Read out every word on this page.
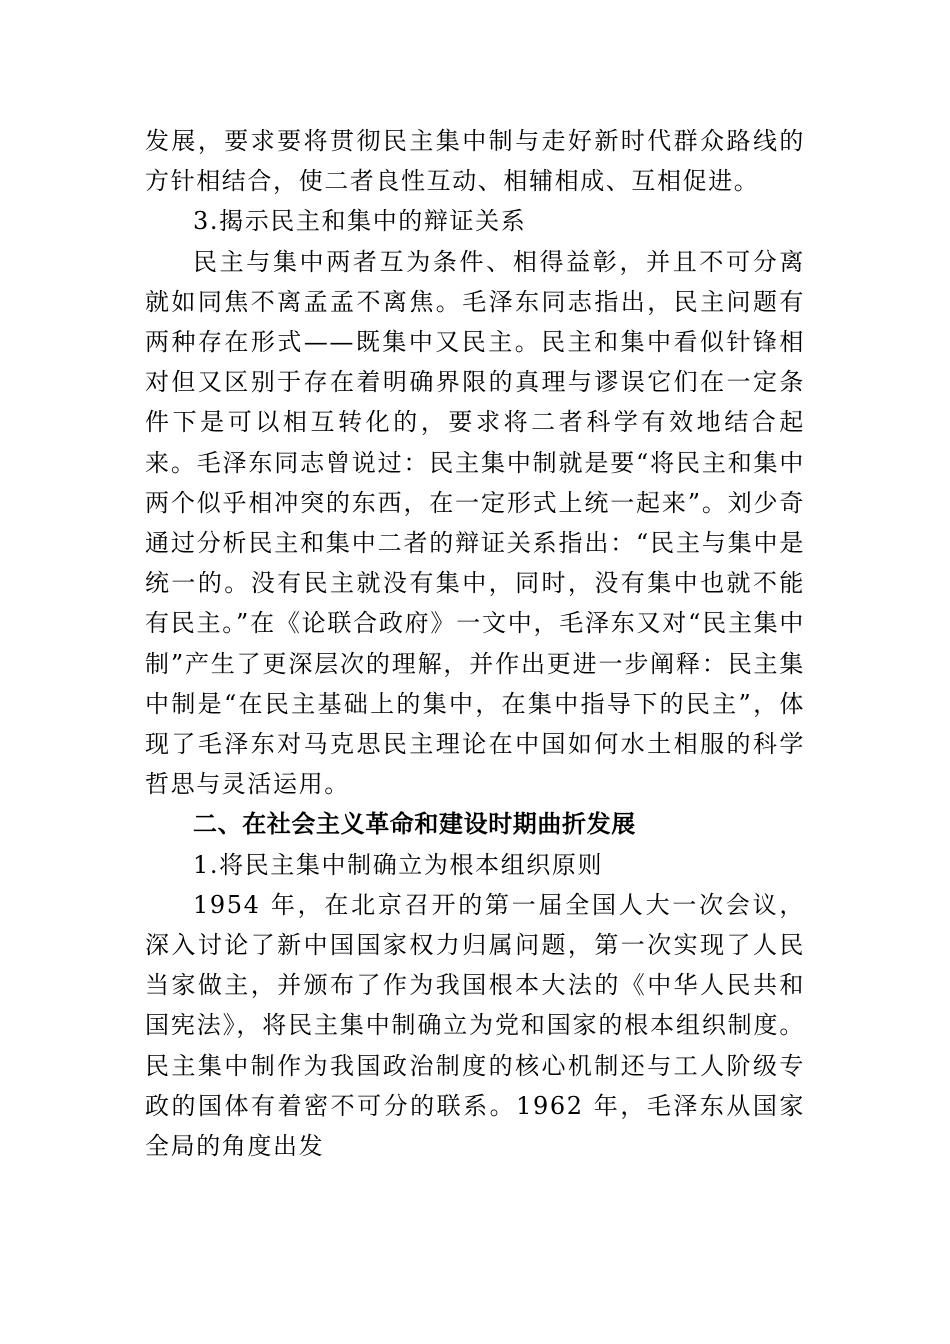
发展，要求要将贯彻民主集中制与走好新时代群众路线的方针相结合，使二者良性互动、相辅相成、互相促进。

3.揭示民主和集中的辩证关系

民主与集中两者互为条件、相得益彰，并且不可分离就如同焦不离孟孟不离焦。毛泽东同志指出，民主问题有两种存在形式——既集中又民主。民主和集中看似针锋相对但又区别于存在着明确界限的真理与谬误它们在一定条件下是可以相互转化的，要求将二者科学有效地结合起来。毛泽东同志曾说过：民主集中制就是要“将民主和集中两个似乎相冲突的东西，在一定形式上统一起来”。刘少奇通过分析民主和集中二者的辩证关系指出：“民主与集中是统一的。没有民主就没有集中，同时，没有集中也就不能有民主。”在《论联合政府》一文中，毛泽东又对“民主集中制”产生了更深层次的理解，并作出更进一步阐释：民主集中制是“在民主基础上的集中，在集中指导下的民主”，体现了毛泽东对马克思民主理论在中国如何水土相服的科学哲思与灵活运用。

二、在社会主义革命和建设时期曲折发展

1.将民主集中制确立为根本组织原则

1954 年，在北京召开的第一届全国人大一次会议，深入讨论了新中国国家权力归属问题，第一次实现了人民当家做主，并颁布了作为我国根本大法的《中华人民共和国宪法》，将民主集中制确立为党和国家的根本组织制度。民主集中制作为我国政治制度的核心机制还与工人阶级专政的国体有着密不可分的联系。1962 年，毛泽东从国家全局的角度出发
